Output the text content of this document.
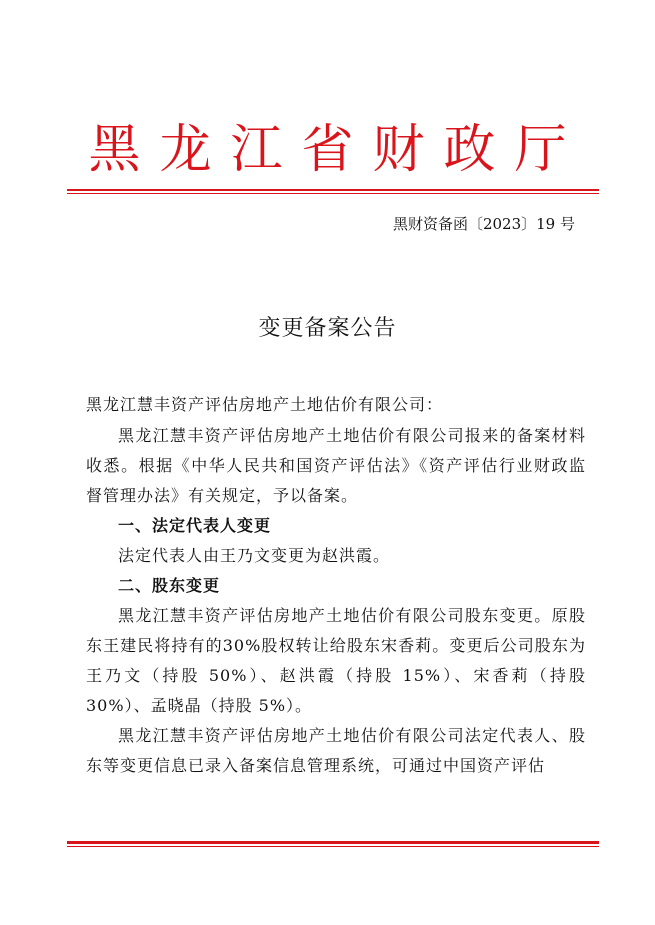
黑龙江省财政厅
黑财资备函〔2023〕19 号
变更备案公告

黑龙江慧丰资产评估房地产土地估价有限公司：

黑龙江慧丰资产评估房地产土地估价有限公司报来的备案材料收悉。根据《中华人民共和国资产评估法》《资产评估行业财政监督管理办法》有关规定，予以备案。

一、法定代表人变更

法定代表人由王乃文变更为赵洪霞。

二、股东变更

黑龙江慧丰资产评估房地产土地估价有限公司股东变更。原股东王建民将持有的30%股权转让给股东宋香莉。变更后公司股东为王乃文（持股 50%）、赵洪霞（持股 15%）、宋香莉（持股30%）、孟晓晶（持股 5%）。

黑龙江慧丰资产评估房地产土地估价有限公司法定代表人、股东等变更信息已录入备案信息管理系统，可通过中国资产评估
